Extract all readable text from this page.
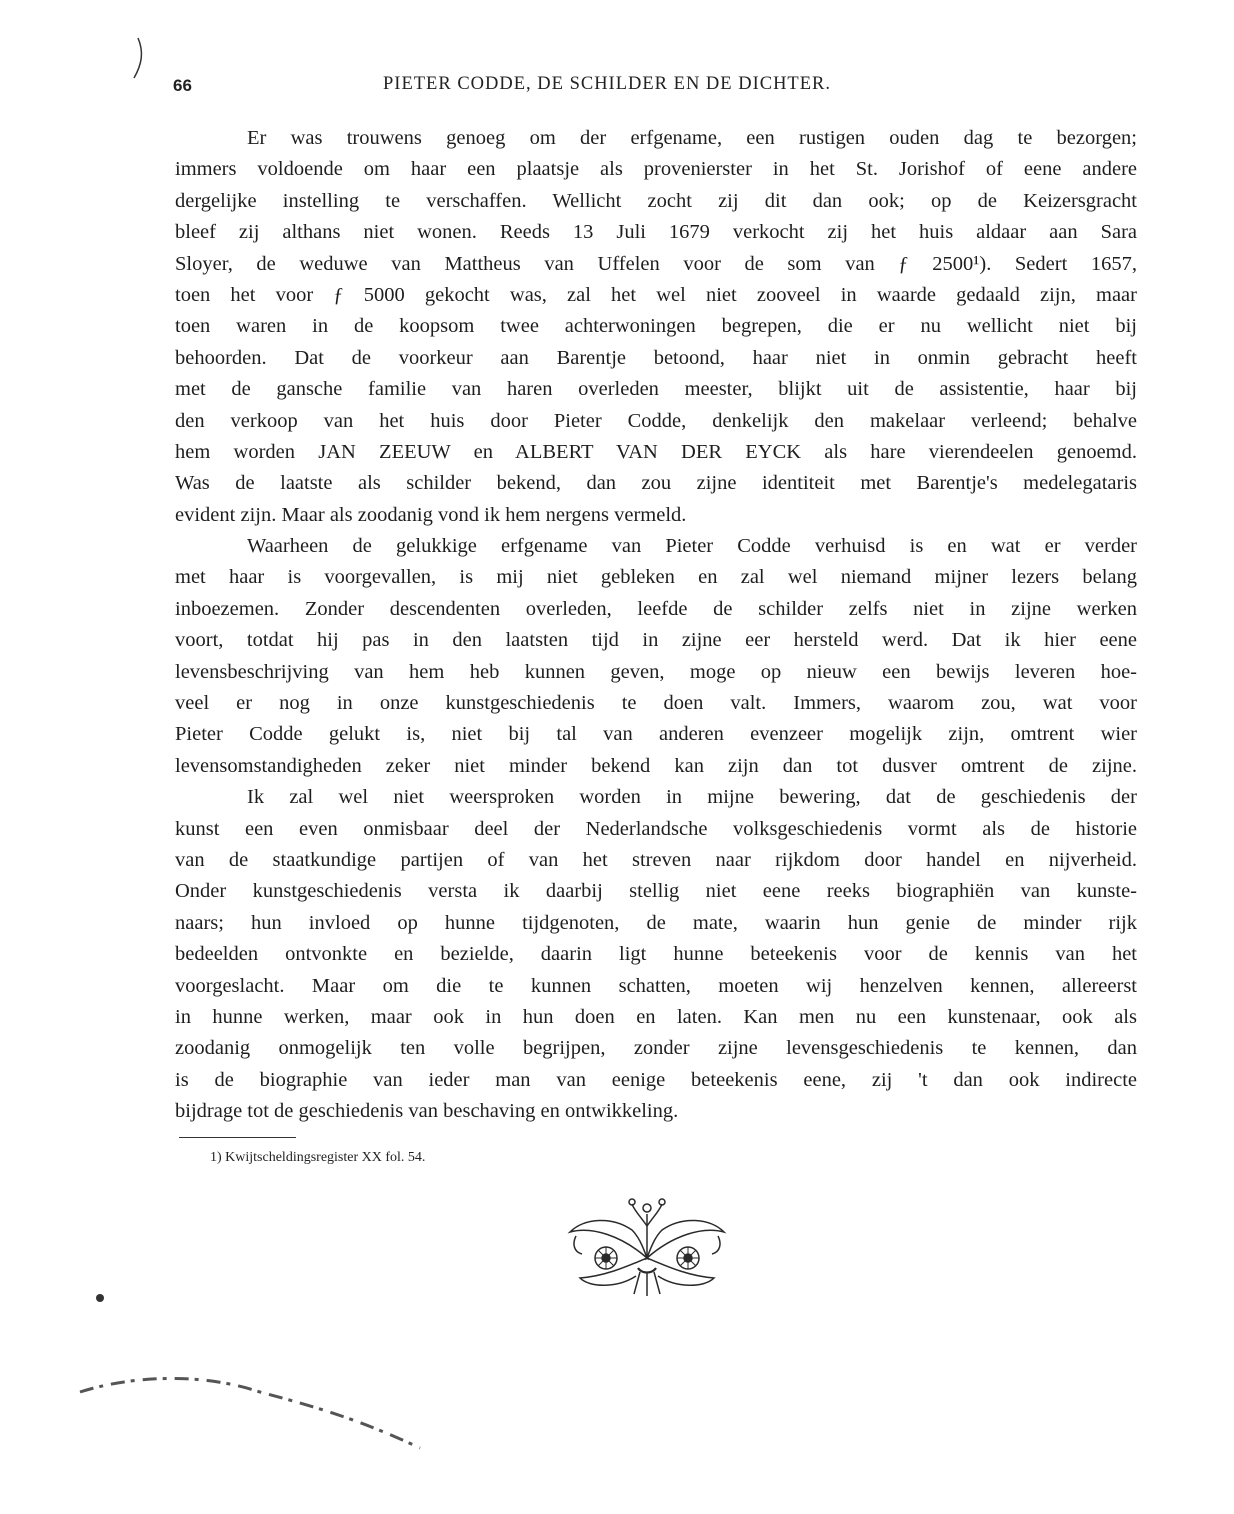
66	PIETER CODDE, DE SCHILDER EN DE DICHTER.
Er was trouwens genoeg om der erfgename, een rustigen ouden dag te bezorgen;
immers voldoende om haar een plaatsje als provenierster in het St. Jorishof of eene andere
dergelijke instelling te verschaffen. Wellicht zocht zij dit dan ook; op de Keizersgracht
bleef zij althans niet wonen. Reeds 13 Juli 1679 verkocht zij het huis aldaar aan Sara
Sloyer, de weduwe van Mattheus van Uffelen voor de som van ƒ 2500¹). Sedert 1657,
toen het voor ƒ 5000 gekocht was, zal het wel niet zooveel in waarde gedaald zijn, maar
toen waren in de koopsom twee achterwoningen begrepen, die er nu wellicht niet bij
behoorden. Dat de voorkeur aan Barentje betoond, haar niet in onmin gebracht heeft
met de gansche familie van haren overleden meester, blijkt uit de assistentie, haar bij
den verkoop van het huis door Pieter Codde, denkelijk den makelaar verleend; behalve
hem worden JAN ZEEUW en ALBERT VAN DER EYCK als hare vierendeelen genoemd.
Was de laatste als schilder bekend, dan zou zijne identiteit met Barentje's medelegataris
evident zijn. Maar als zoodanig vond ik hem nergens vermeld.
Waarheen de gelukkige erfgename van Pieter Codde verhuisd is en wat er verder
met haar is voorgevallen, is mij niet gebleken en zal wel niemand mijner lezers belang
inboezemen. Zonder descendenten overleden, leefde de schilder zelfs niet in zijne werken
voort, totdat hij pas in den laatsten tijd in zijne eer hersteld werd. Dat ik hier eene
levensbeschrijving van hem heb kunnen geven, moge op nieuw een bewijs leveren hoe-
veel er nog in onze kunstgeschiedenis te doen valt. Immers, waarom zou, wat voor
Pieter Codde gelukt is, niet bij tal van anderen evenzeer mogelijk zijn, omtrent wier
levensomstandigheden zeker niet minder bekend kan zijn dan tot dusver omtrent de zijne.
Ik zal wel niet weersproken worden in mijne bewering, dat de geschiedenis der
kunst een even onmisbaar deel der Nederlandsche volksgeschiedenis vormt als de historie
van de staatkundige partijen of van het streven naar rijkdom door handel en nijverheid.
Onder kunstgeschiedenis versta ik daarbij stellig niet eene reeks biographiën van kunste-
naars; hun invloed op hunne tijdgenoten, de mate, waarin hun genie de minder rijk
bedeelden ontvonkte en bezielde, daarin ligt hunne beteekenis voor de kennis van het
voorgeslacht. Maar om die te kunnen schatten, moeten wij henzelven kennen, allereerst
in hunne werken, maar ook in hun doen en laten. Kan men nu een kunstenaar, ook als
zoodanig onmogelijk ten volle begrijpen, zonder zijne levensgeschiedenis te kennen, dan
is de biographie van ieder man van eenige beteekenis eene, zij 't dan ook indirecte
bijdrage tot de geschiedenis van beschaving en ontwikkeling.
1) Kwijtscheldingsregister XX fol. 54.
